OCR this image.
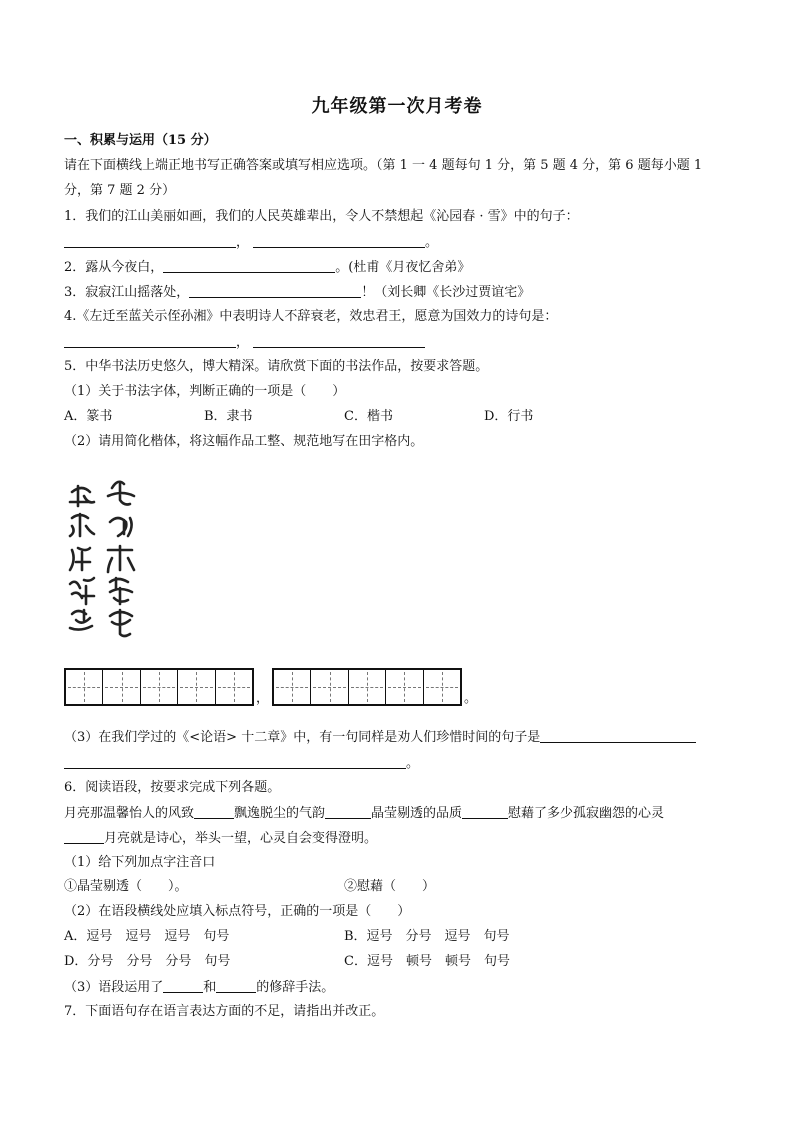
九年级第一次月考卷
一、积累与运用（15 分）
请在下面横线上端正地书写正确答案或填写相应选项。（第 1 一 4 题每句 1 分，第 5 题 4 分，第 6 题每小题 1
分，第 7 题 2 分）
1．我们的江山美丽如画，我们的人民英雄辈出，令人不禁想起《沁园春 · 雪》中的句子：
，	。
2．露从今夜白，	。(杜甫《月夜忆舍弟》
3．寂寂江山摇落处，	！（刘长卿《长沙过贾谊宅》
4.《左迁至蓝关示侄孙湘》中表明诗人不辞衰老，效忠君王，愿意为国效力的诗句是：
，
5．中华书法历史悠久，博大精深。请欣赏下面的书法作品，按要求答题。
（1）关于书法字体，判断正确的一项是（　　）
A．篆书	B．隶书	C．楷书	D．行书
（2）请用简化楷体，将这幅作品工整、规范地写在田字格内。
，	。
（3）在我们学过的《<论语> 十二章》中，有一句同样是劝人们珍惜时间的句子是
。
6．阅读语段，按要求完成下列各题。
月亮那温馨怡人的风致	飘逸脱尘的气韵	晶莹剔透的品质	慰藉了多少孤寂幽怨的心灵
月亮就是诗心，举头一望，心灵自会变得澄明。
（1）给下列加点字注音口
①晶莹剔透（　　）。	②慰藉（　　）
（2）在语段横线处应填入标点符号，正确的一项是（　　）
A．逗号　逗号　逗号　句号	B．逗号　分号　逗号　句号
D．分号　分号　分号　句号	C．逗号　顿号　顿号　句号
（3）语段运用了	和	的修辞手法。
7．下面语句存在语言表达方面的不足，请指出并改正。
